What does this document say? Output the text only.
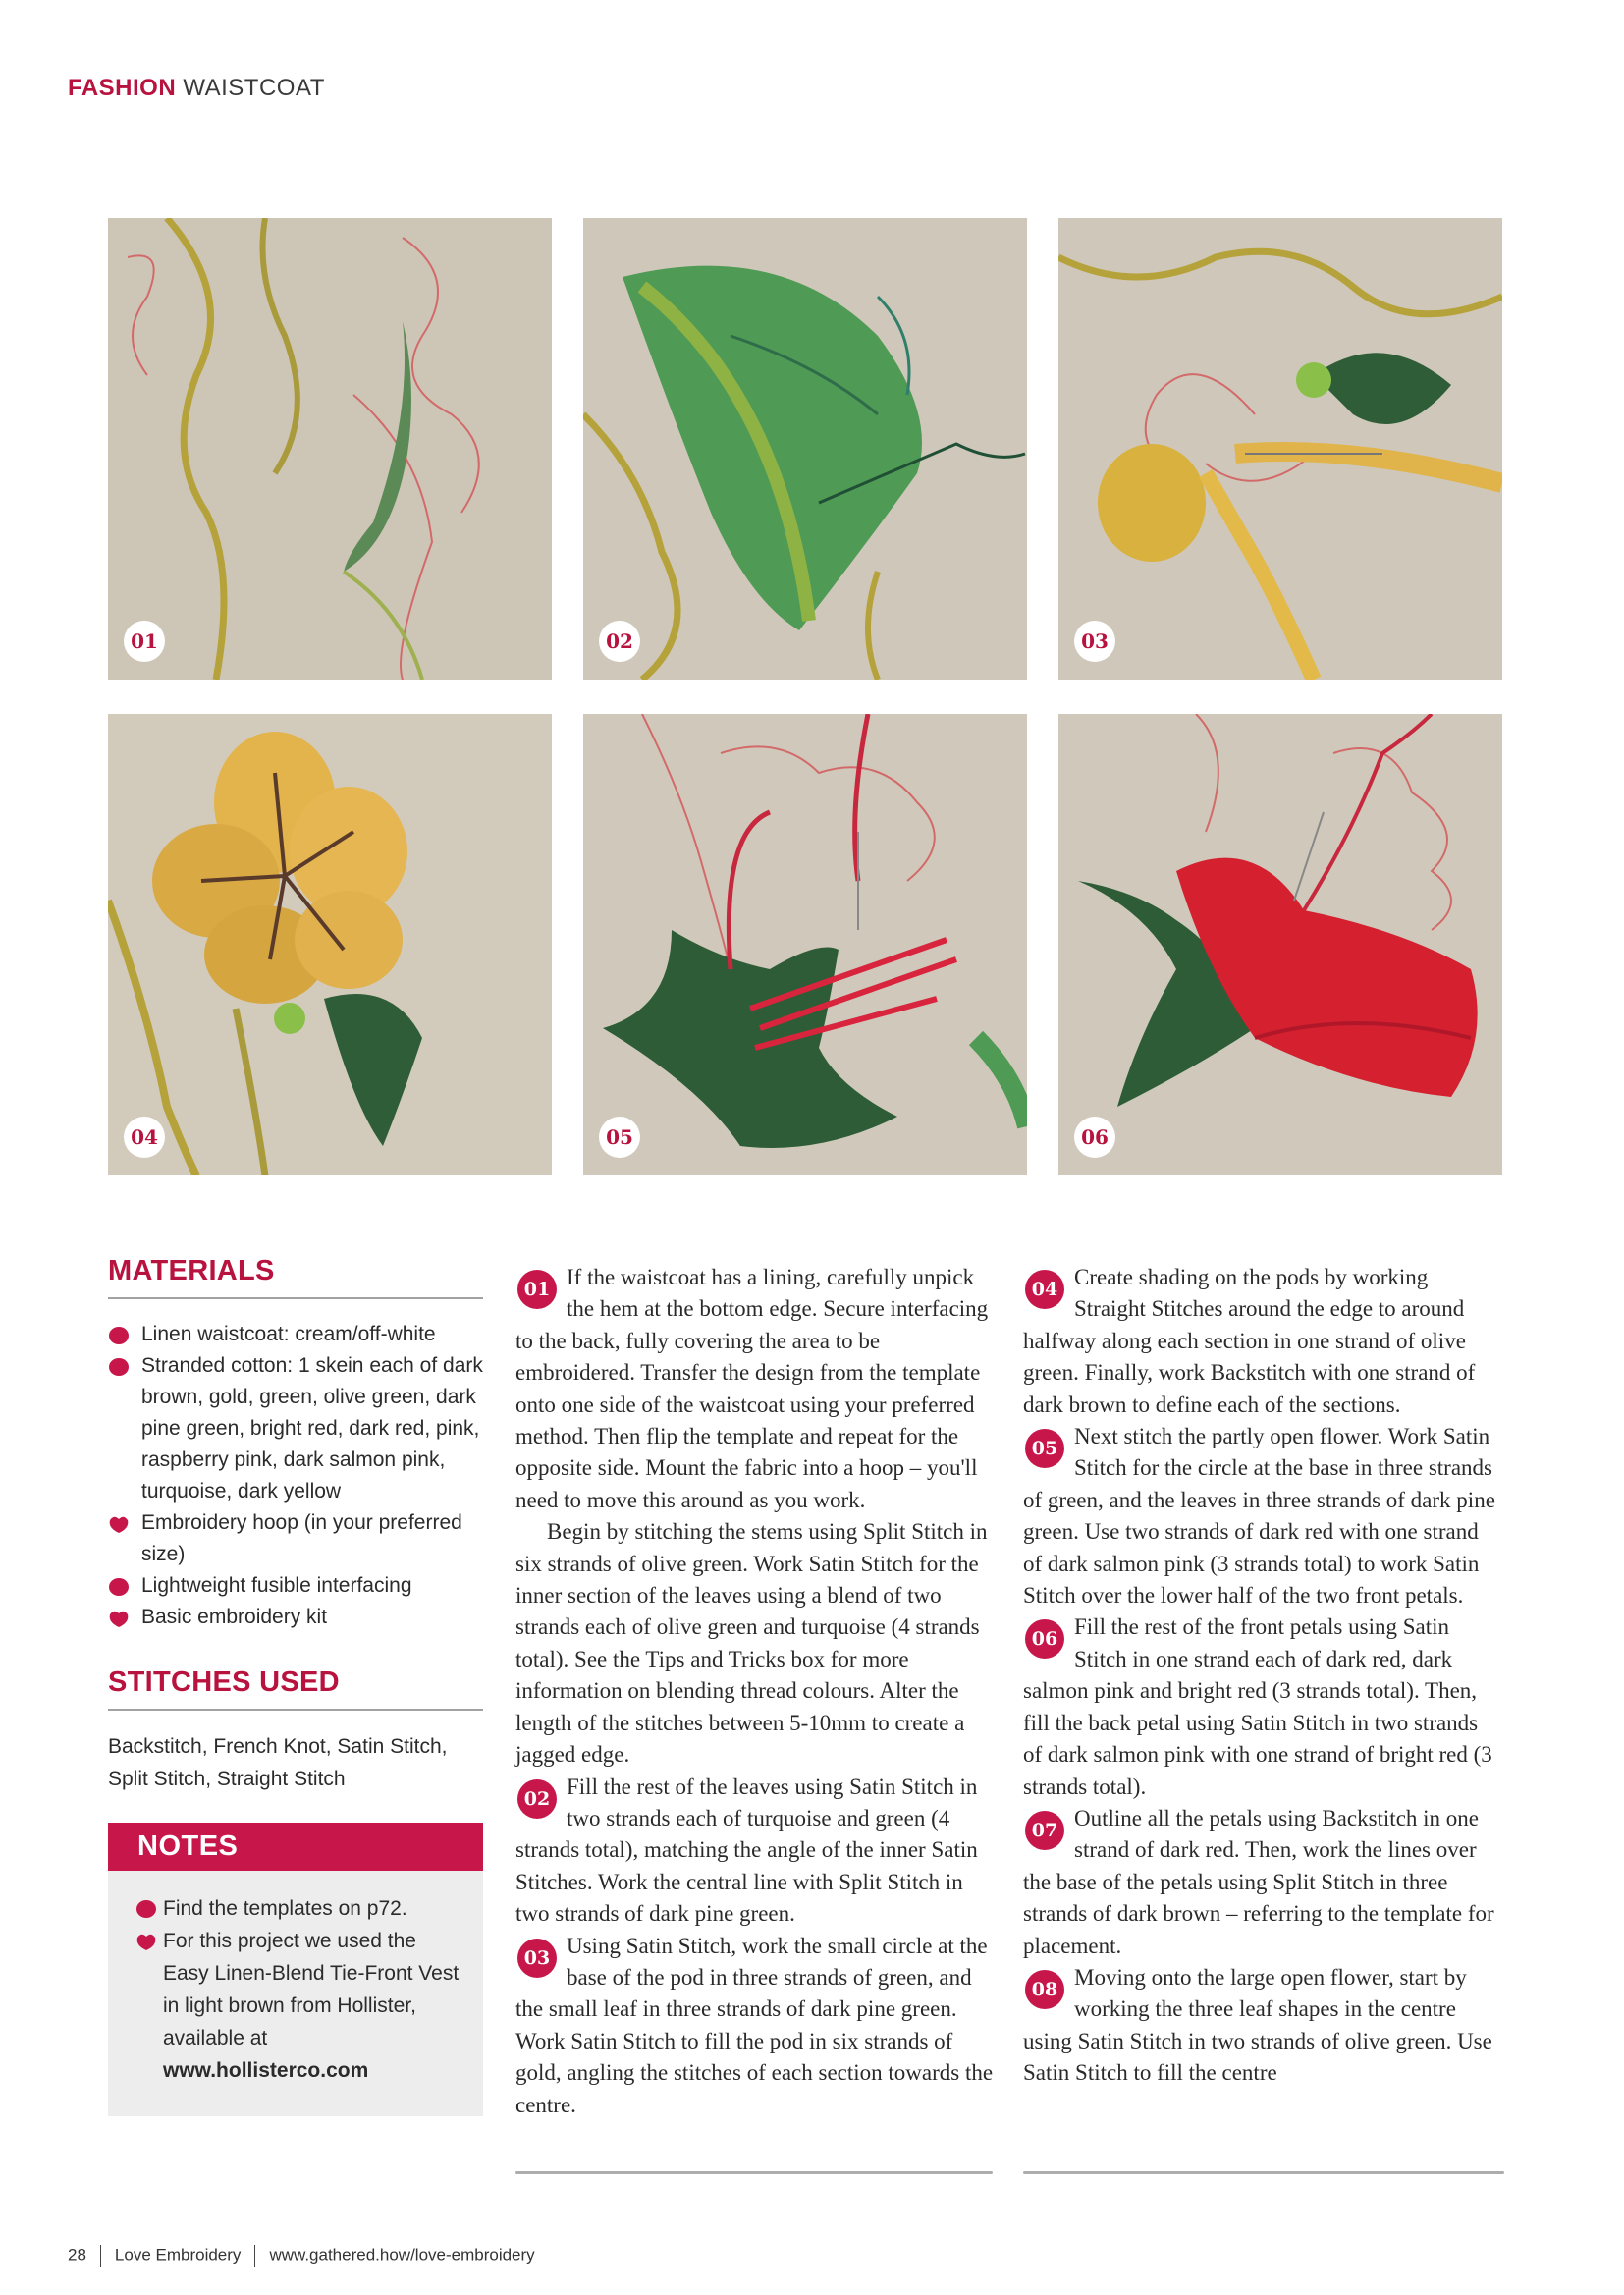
FASHION WAISTCOAT
01	02	03
04	05	06
MATERIALS
Linen waistcoat: cream/off-white
Stranded cotton: 1 skein each of dark brown, gold, green, olive green, dark pine green, bright red, dark red, pink, raspberry pink, dark salmon pink, turquoise, dark yellow
Embroidery hoop (in your preferred size)
Lightweight fusible interfacing
Basic embroidery kit
STITCHES USED

Backstitch, French Knot, Satin Stitch, Split Stitch, Straight Stitch

NOTES
Find the templates on p72.
For this project we used the Easy Linen-Blend Tie-Front Vest in light brown from Hollister, available at www.hollisterco.com

01 If the waistcoat has a lining, carefully unpick the hem at the bottom edge. Secure interfacing to the back, fully covering the area to be embroidered. Transfer the design from the template onto one side of the waistcoat using your preferred method. Then flip the template and repeat for the opposite side. Mount the fabric into a hoop – you'll need to move this around as you work.

Begin by stitching the stems using Split Stitch in six strands of olive green. Work Satin Stitch for the inner section of the leaves using a blend of two strands each of olive green and turquoise (4 strands total). See the Tips and Tricks box for more information on blending thread colours. Alter the length of the stitches between 5-10mm to create a jagged edge.

02 Fill the rest of the leaves using Satin Stitch in two strands each of turquoise and green (4 strands total), matching the angle of the inner Satin Stitches. Work the central line with Split Stitch in two strands of dark pine green.

03 Using Satin Stitch, work the small circle at the base of the pod in three strands of green, and the small leaf in three strands of dark pine green. Work Satin Stitch to fill the pod in six strands of gold, angling the stitches of each section towards the centre.

04 Create shading on the pods by working Straight Stitches around the edge to around halfway along each section in one strand of olive green. Finally, work Backstitch with one strand of dark brown to define each of the sections.

05 Next stitch the partly open flower. Work Satin Stitch for the circle at the base in three strands of green, and the leaves in three strands of dark pine green. Use two strands of dark red with one strand of dark salmon pink (3 strands total) to work Satin Stitch over the lower half of the two front petals.

06 Fill the rest of the front petals using Satin Stitch in one strand each of dark red, dark salmon pink and bright red (3 strands total). Then, fill the back petal using Satin Stitch in two strands of dark salmon pink with one strand of bright red (3 strands total).

07 Outline all the petals using Backstitch in one strand of dark red. Then, work the lines over the base of the petals using Split Stitch in three strands of dark brown – referring to the template for placement.

08 Moving onto the large open flower, start by working the three leaf shapes in the centre using Satin Stitch in two strands of olive green. Use Satin Stitch to fill the centre

28 Love Embroidery www.gathered.how/love-embroidery
